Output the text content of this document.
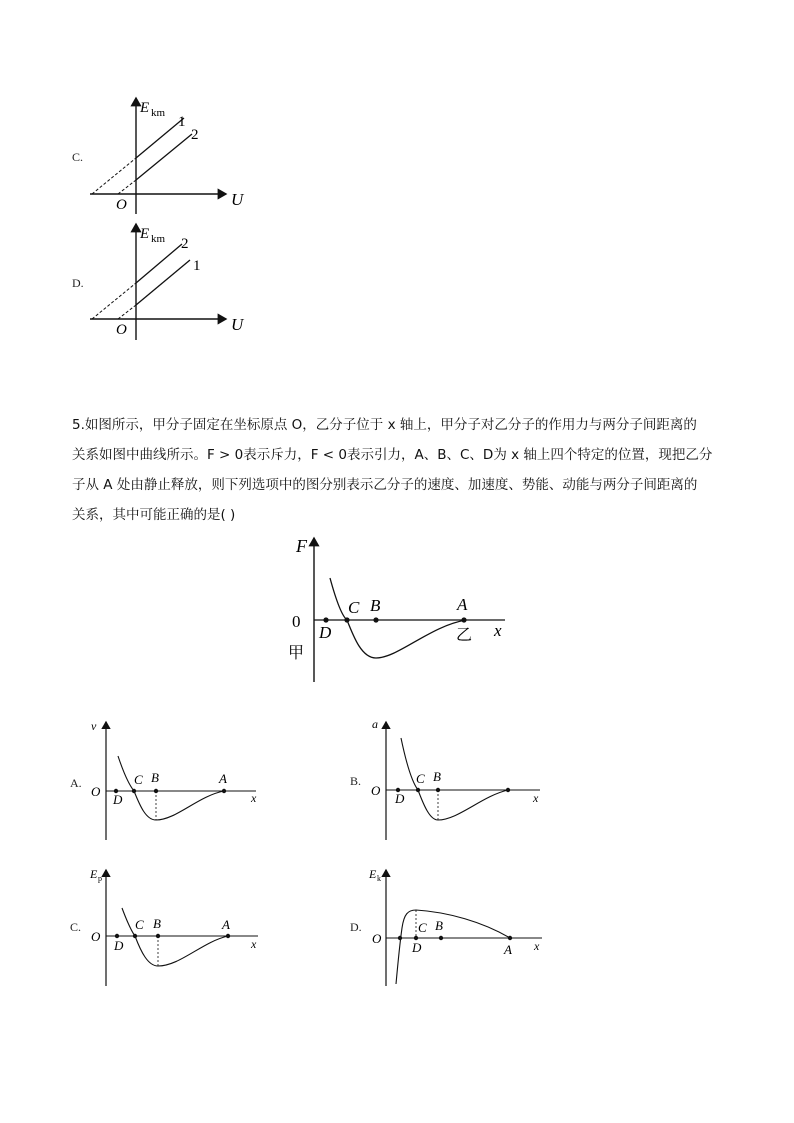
C.
E km
1
2
O	U
D.
E km 2
1
O	U

5.如图所示，甲分子固定在坐标原点 O，乙分子位于 x 轴上，甲分子对乙分子的作用力与两分子间距离的

关系如图中曲线所示。F > 0表示斥力，F < 0表示引力，A、B、C、D为 x 轴上四个特定的位置，现把乙分

子从 A 处由静止释放，则下列选项中的图分别表示乙分子的速度、加速度、势能、动能与两分子间距离的

关系，其中可能正确的是( )

F
0
D
C B	A
x
甲
乙
A.
v
O
D
C B	A
x
B.
a
O
D
C B
x
C.
E p
O
D
C B	A
x
D.
E k
O
D
C B
A x
